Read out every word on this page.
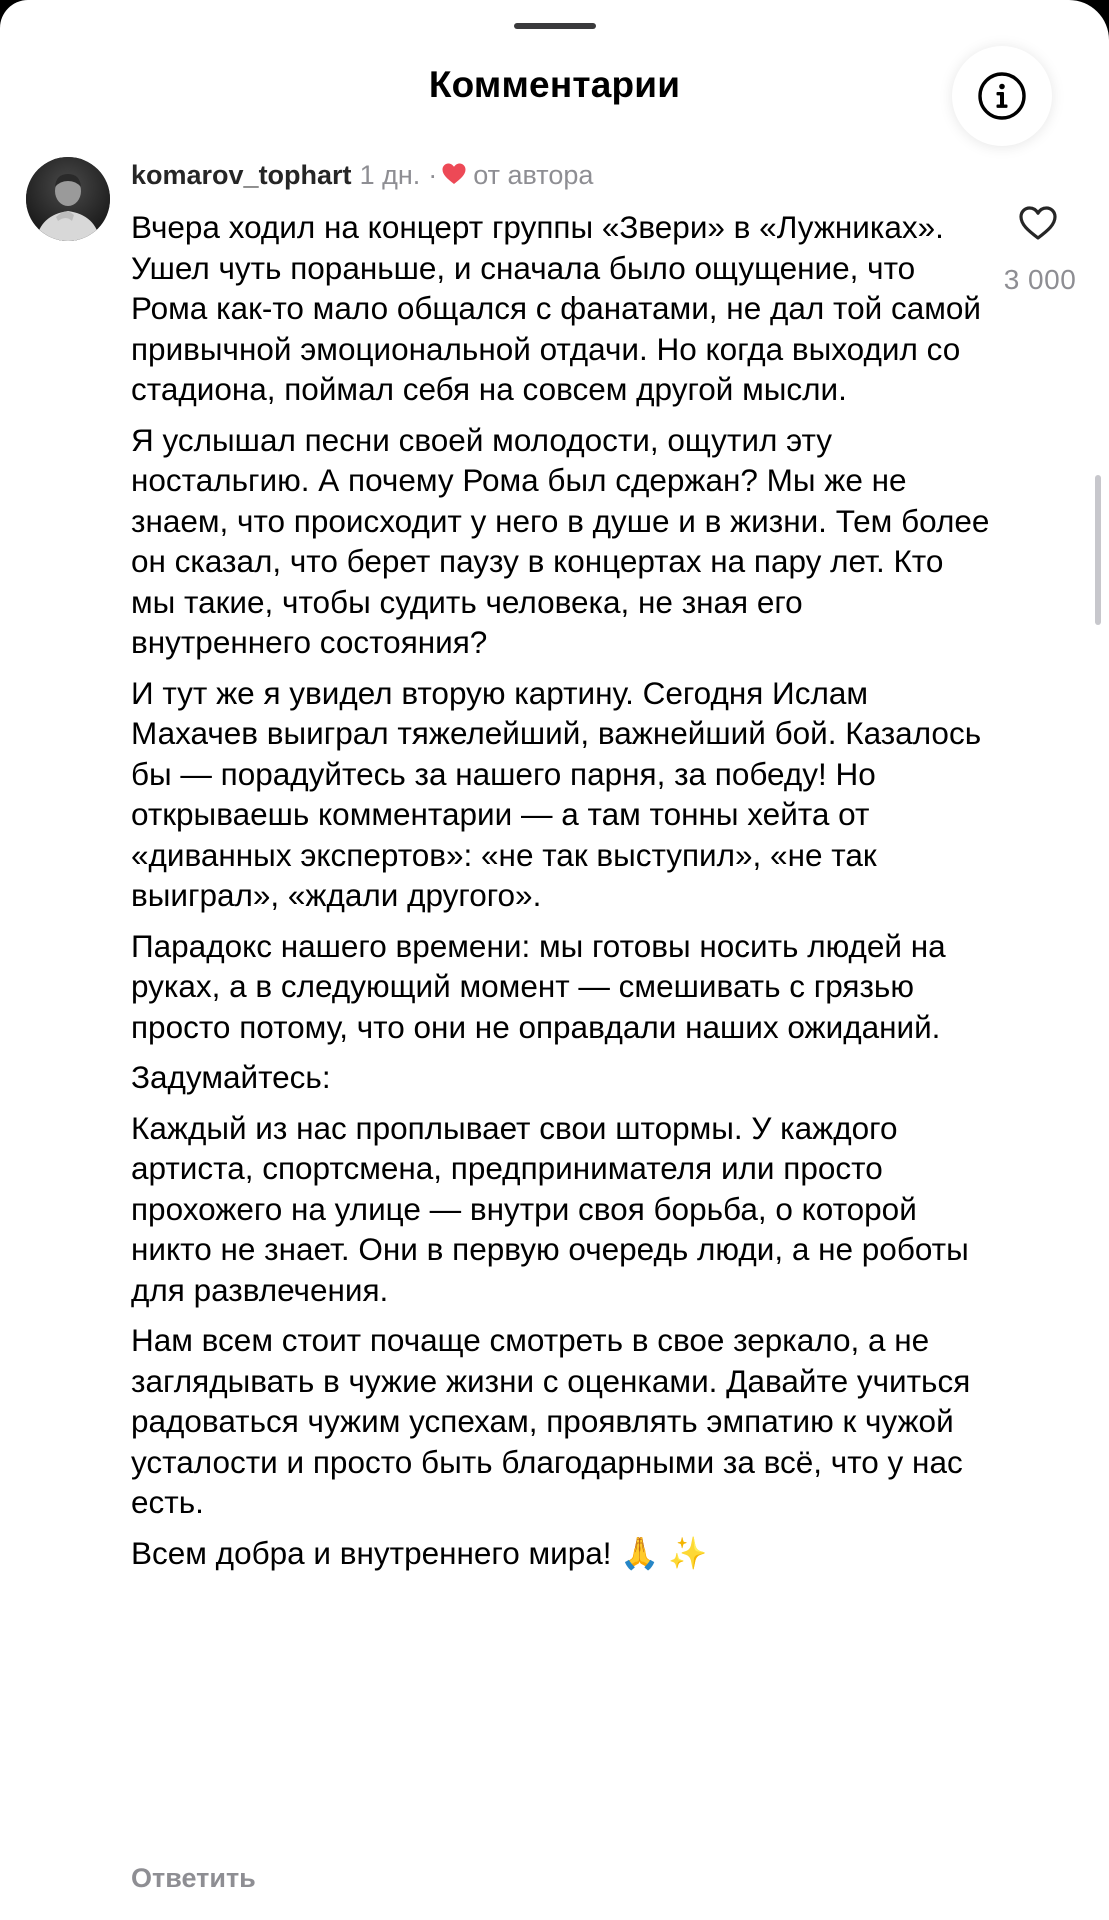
Комментарии
komarov_tophart 1 дн. · от автора

Вчера ходил на концерт группы «Звери» в «Лужниках». Ушел чуть пораньше, и сначала было ощущение, что Рома как-то мало общался с фанатами, не дал той самой привычной эмоциональной отдачи. Но когда выходил со стадиона, поймал себя на совсем другой мысли.

Я услышал песни своей молодости, ощутил эту ностальгию. А почему Рома был сдержан? Мы же не знаем, что происходит у него в душе и в жизни. Тем более он сказал, что берет паузу в концертах на пару лет. Кто мы такие, чтобы судить человека, не зная его внутреннего состояния?

И тут же я увидел вторую картину. Сегодня Ислам Махачев выиграл тяжелейший, важнейший бой. Казалось бы — порадуйтесь за нашего парня, за победу! Но открываешь комментарии — а там тонны хейта от «диванных экспертов»: «не так выступил», «не так выиграл», «ждали другого».

Парадокс нашего времени: мы готовы носить людей на руках, а в следующий момент — смешивать с грязью просто потому, что они не оправдали наших ожиданий.

Задумайтесь:

Каждый из нас проплывает свои штормы. У каждого артиста, спортсмена, предпринимателя или просто прохожего на улице — внутри своя борьба, о которой никто не знает. Они в первую очередь люди, а не роботы для развлечения.

Нам всем стоит почаще смотреть в свое зеркало, а не заглядывать в чужие жизни с оценками. Давайте учиться радоваться чужим успехам, проявлять эмпатию к чужой усталости и просто быть благодарными за всё, что у нас есть.

Всем добра и внутреннего мира! 🙏 ✨

Ответить
3 000
